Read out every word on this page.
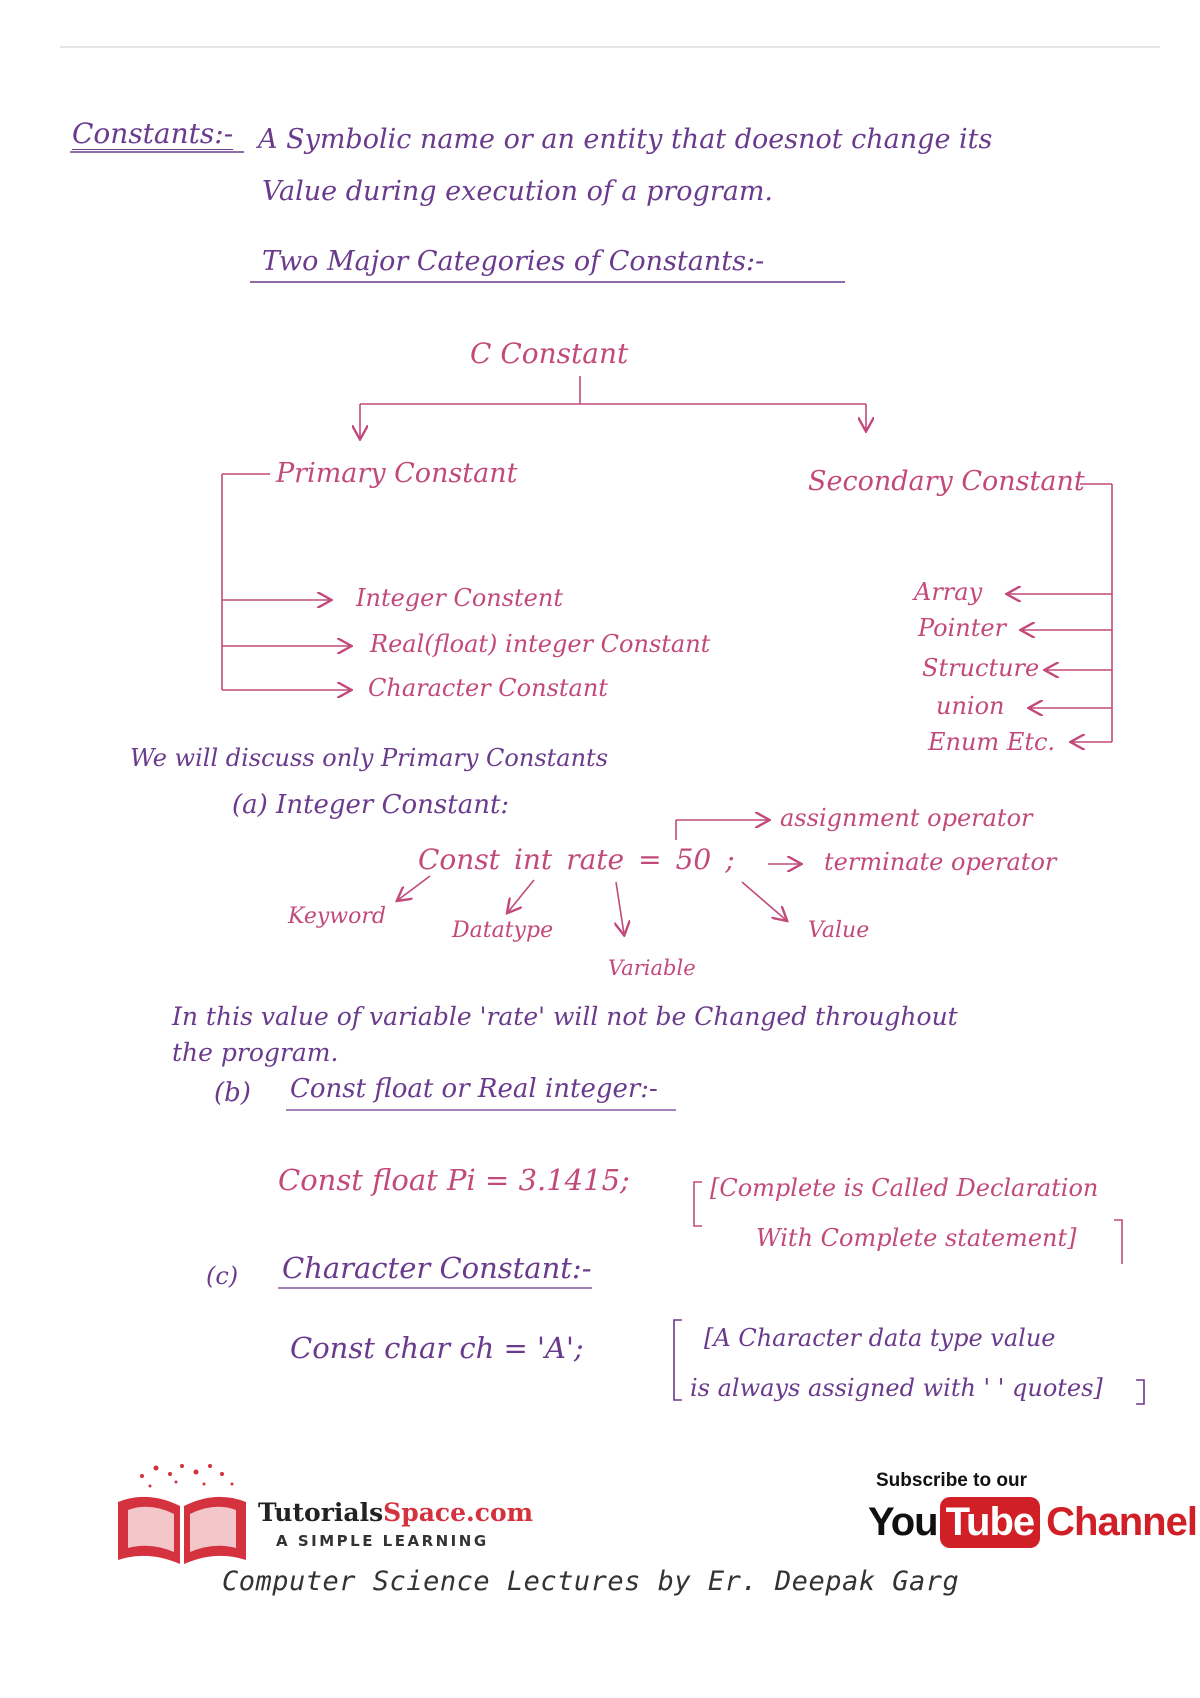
Constants:- A Symbolic name or an entity that doesnot change its
Value during execution of a program.
Two Major Categories of Constants:-
C Constant
Primary Constant	Secondary Constant
Integer Constent
Real(float) integer Constant
Character Constant
Array
Pointer
Structure
union
Enum Etc.
We will discuss only Primary Constants
(a) Integer Constant:	assignment operator
Const int rate = 50 ;	terminate operator
Keyword
Datatype	Value
Variable
In this value of variable 'rate' will not be Changed throughout
the program.
(b) Const float or Real integer:-
Const float Pi = 3.1415;	[Complete is Called Declaration
With Complete statement]
(c) Character Constant:-
Const char ch = 'A';	[A Character data type value
is always assigned with ' ' quotes]
TutorialsSpace.com
A SIMPLE LEARNING
Subscribe to our
You Tube Channel
Computer Science Lectures by Er. Deepak Garg
